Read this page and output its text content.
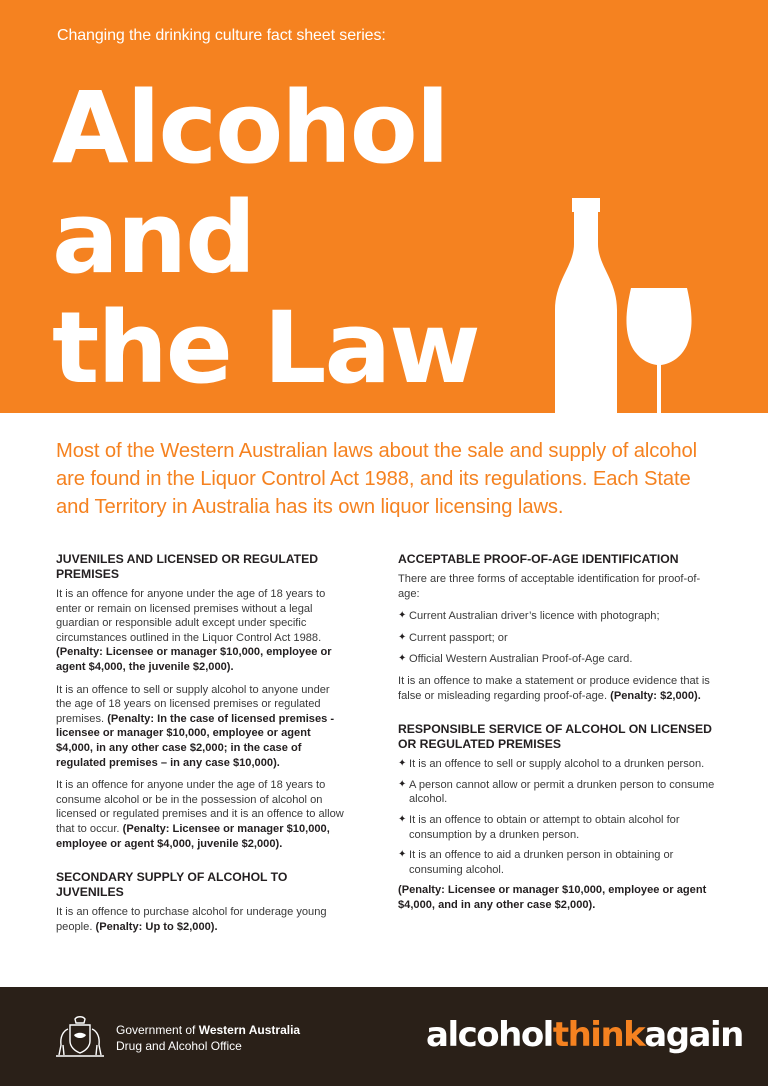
Changing the drinking culture fact sheet series:
Alcohol
and
the Law
Most of the Western Australian laws about the sale and supply of alcohol are found in the Liquor Control Act 1988, and its regulations. Each State and Territory in Australia has its own liquor licensing laws.
JUVENILES AND LICENSED OR REGULATED PREMISES

It is an offence for anyone under the age of 18 years to enter or remain on licensed premises without a legal guardian or responsible adult except under specific circumstances outlined in the Liquor Control Act 1988. (Penalty: Licensee or manager $10,000, employee or agent $4,000, the juvenile $2,000).

It is an offence to sell or supply alcohol to anyone under the age of 18 years on licensed premises or regulated premises. (Penalty: In the case of licensed premises - licensee or manager $10,000, employee or agent $4,000, in any other case $2,000; in the case of regulated premises – in any case $10,000).

It is an offence for anyone under the age of 18 years to consume alcohol or be in the possession of alcohol on licensed or regulated premises and it is an offence to allow that to occur. (Penalty: Licensee or manager $10,000, employee or agent $4,000, juvenile $2,000).

SECONDARY SUPPLY OF ALCOHOL TO JUVENILES

It is an offence to purchase alcohol for underage young people. (Penalty: Up to $2,000).

ACCEPTABLE PROOF-OF-AGE IDENTIFICATION

There are three forms of acceptable identification for proof-of-age:

✦ Current Australian driver’s licence with photograph;
✦ Current passport; or
✦ Official Western Australian Proof-of-Age card.

It is an offence to make a statement or produce evidence that is false or misleading regarding proof-of-age. (Penalty: $2,000).

RESPONSIBLE SERVICE OF ALCOHOL ON LICENSED OR REGULATED PREMISES
✦ It is an offence to sell or supply alcohol to a drunken person.
✦ A person cannot allow or permit a drunken person to consume alcohol.
✦ It is an offence to obtain or attempt to obtain alcohol for consumption by a drunken person.
✦ It is an offence to aid a drunken person in obtaining or consuming alcohol.

(Penalty: Licensee or manager $10,000, employee or agent $4,000, and in any other case $2,000).

Government of Western Australia
Drug and Alcohol Office	alcoholthinkagain
